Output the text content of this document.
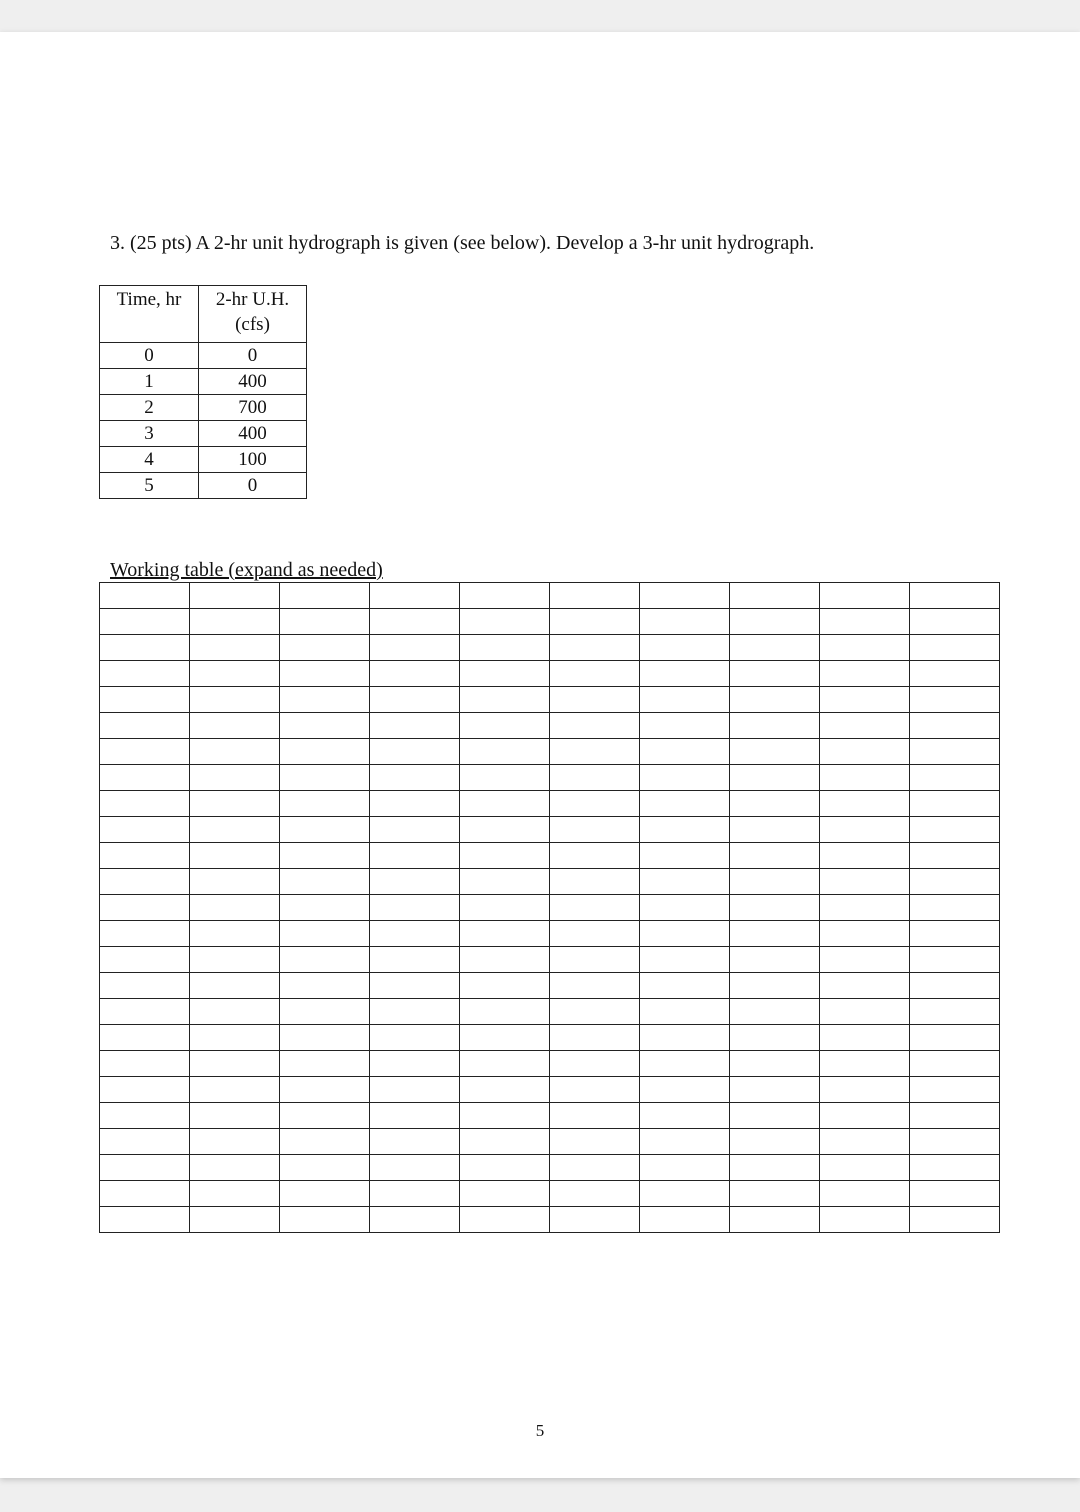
3. (25 pts) A 2-hr unit hydrograph is given (see below). Develop a 3-hr unit hydrograph.

Time, hr	2-hr U.H.
(cfs)
0	0
1	400
2	700
3	400
4	100
5	0

Working table (expand as needed)

5
